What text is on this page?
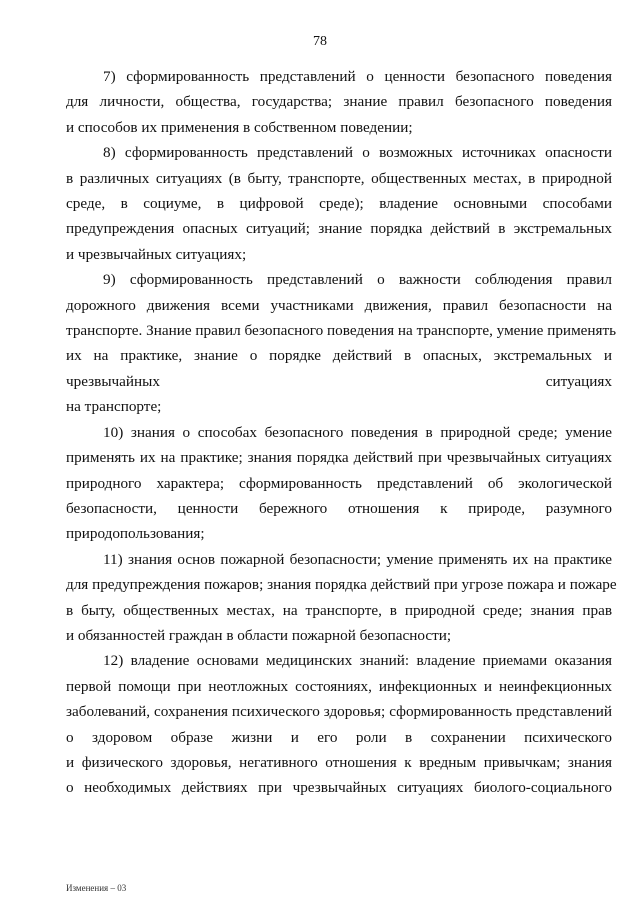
78
7) сформированность представлений о ценности безопасного поведения
для личности, общества, государства; знание правил безопасного поведения
и способов их применения в собственном поведении;
8) сформированность представлений о возможных источниках опасности
в различных ситуациях (в быту, транспорте, общественных местах, в природной
среде, в социуме, в цифровой среде); владение основными способами
предупреждения опасных ситуаций; знание порядка действий в экстремальных
и чрезвычайных ситуациях;
9) сформированность представлений о важности соблюдения правил
дорожного движения всеми участниками движения, правил безопасности на
транспорте. Знание правил безопасного поведения на транспорте, умение применять
их на практике, знание о порядке действий в опасных, экстремальных и
чрезвычайных ситуациях
на транспорте;
10) знания о способах безопасного поведения в природной среде; умение
применять их на практике; знания порядка действий при чрезвычайных ситуациях
природного характера; сформированность представлений об экологической
безопасности, ценности бережного отношения к природе, разумного
природопользования;
11) знания основ пожарной безопасности; умение применять их на практике
для предупреждения пожаров; знания порядка действий при угрозе пожара и пожаре
в быту, общественных местах, на транспорте, в природной среде; знания прав
и обязанностей граждан в области пожарной безопасности;
12) владение основами медицинских знаний: владение приемами оказания
первой помощи при неотложных состояниях, инфекционных и неинфекционных
заболеваний, сохранения психического здоровья; сформированность представлений
о здоровом образе жизни и его роли в сохранении психического
и физического здоровья, негативного отношения к вредным привычкам; знания
о необходимых действиях при чрезвычайных ситуациях биолого-социального
Изменения – 03
